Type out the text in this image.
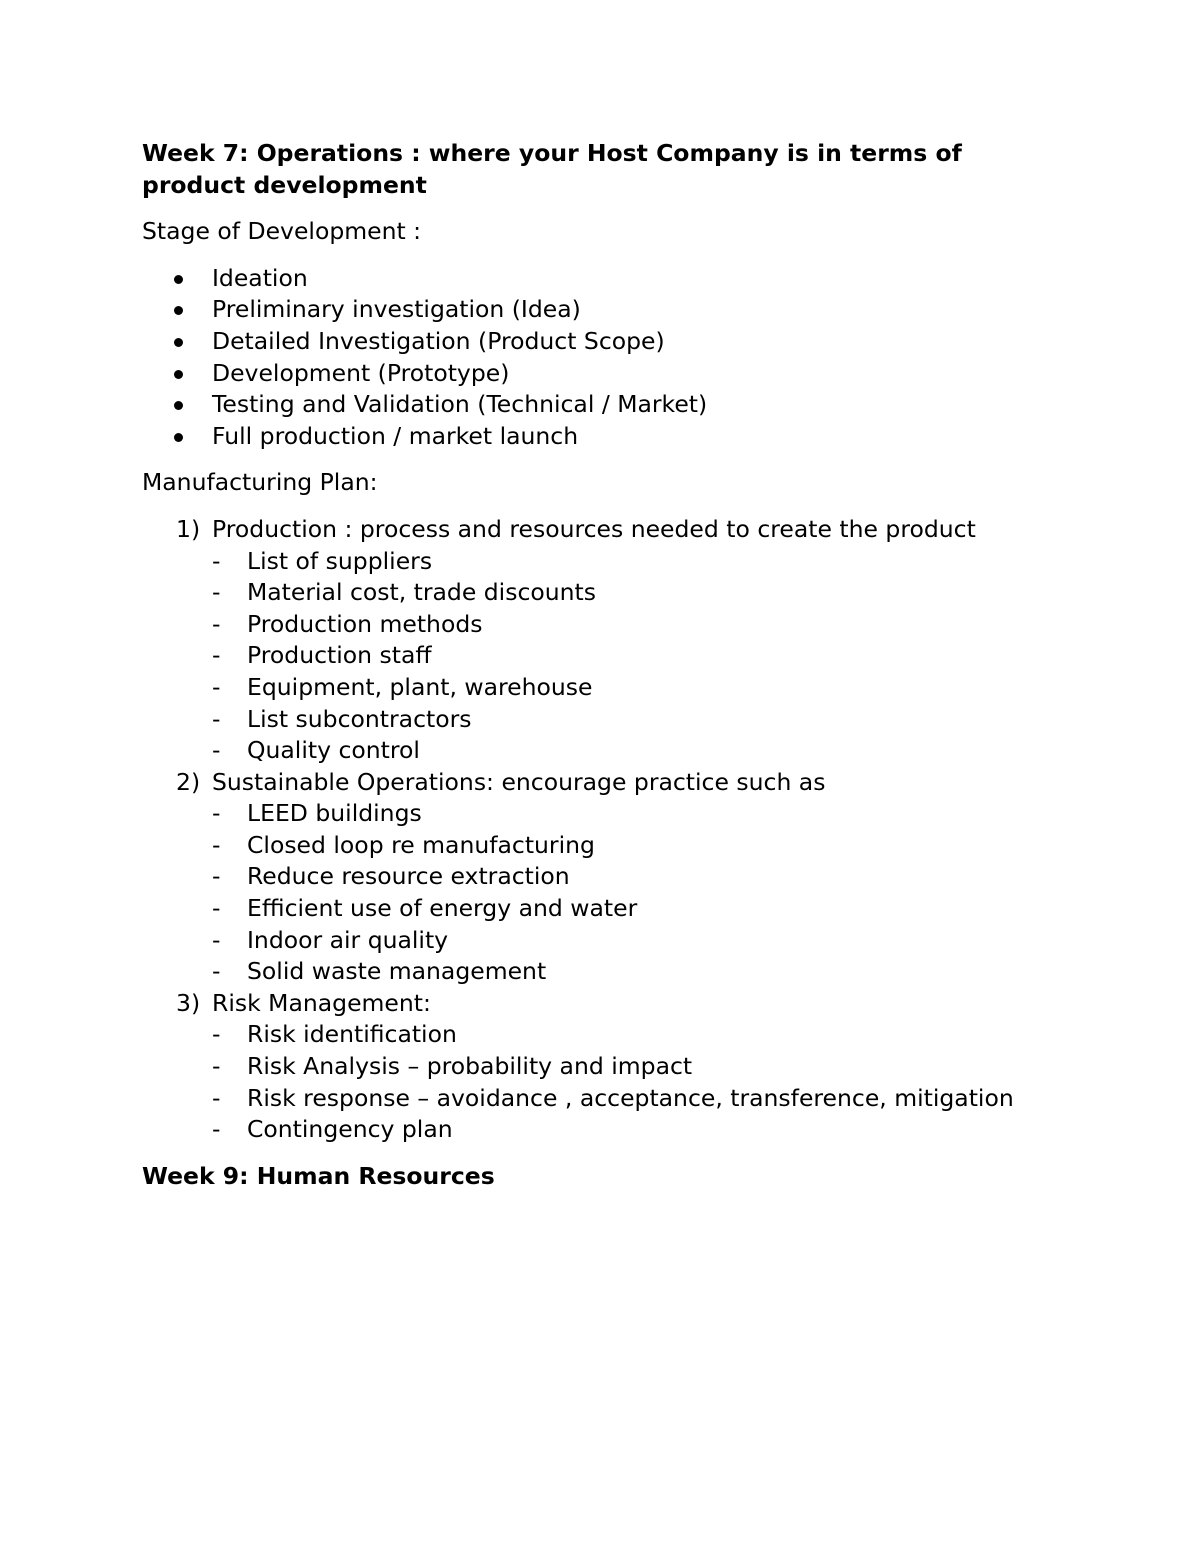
Week 7: Operations : where your Host Company is in terms of product development

Stage of Development :

Ideation
Preliminary investigation (Idea)
Detailed Investigation (Product Scope)
Development (Prototype)
Testing and Validation (Technical / Market)
Full production / market launch

Manufacturing Plan:

1) Production : process and resources needed to create the product
- List of suppliers
- Material cost, trade discounts
- Production methods
- Production staff
- Equipment, plant, warehouse
- List subcontractors
- Quality control
2) Sustainable Operations: encourage practice such as
- LEED buildings
- Closed loop re manufacturing
- Reduce resource extraction
- Efficient use of energy and water
- Indoor air quality
- Solid waste management
3) Risk Management:
- Risk identification
- Risk Analysis – probability and impact
- Risk response – avoidance , acceptance, transference, mitigation
- Contingency plan

Week 9: Human Resources
